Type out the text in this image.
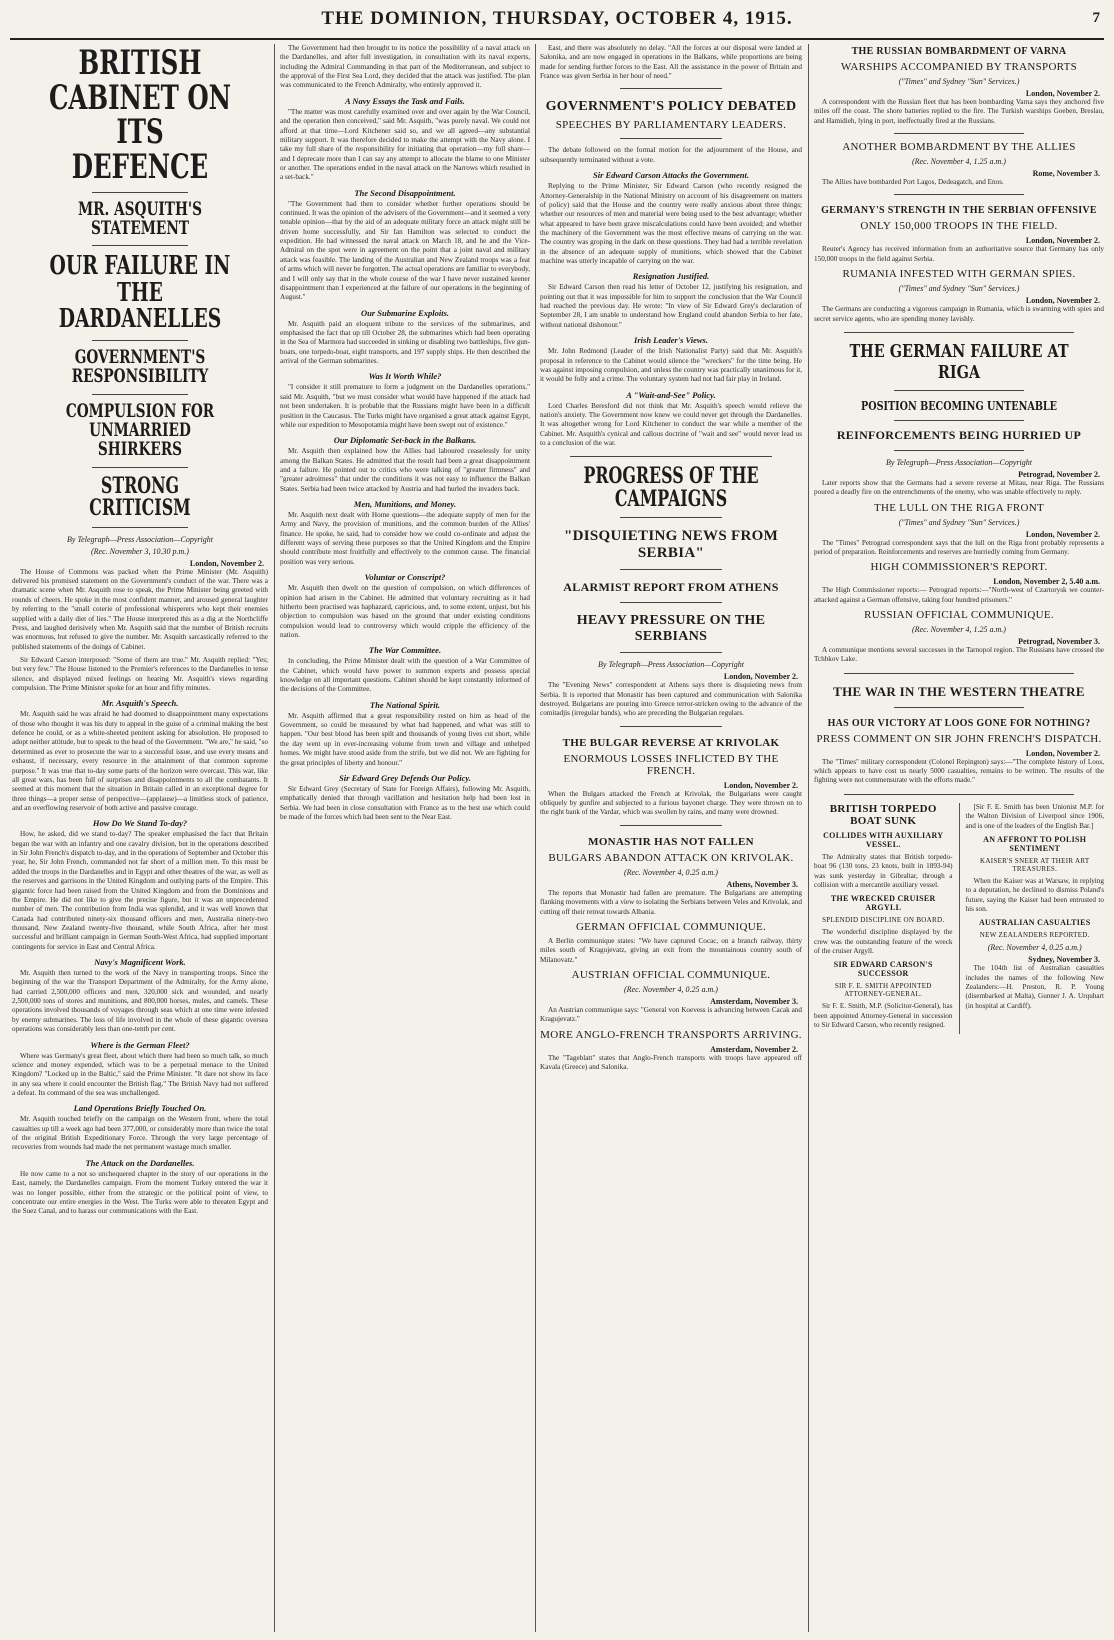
THE DOMINION, THURSDAY, OCTOBER 4, 1915.	7
BRITISH CABINET ON ITS DEFENCE
MR. ASQUITH'S STATEMENT
OUR FAILURE IN THE DARDANELLES
GOVERNMENT'S RESPONSIBILITY
COMPULSION FOR UNMARRIED SHIRKERS
STRONG CRITICISM
By Telegraph—Press Association—Copyright
(Rec. November 3, 10.30 p.m.)
London, November 2.

The House of Commons was packed when the Prime Minister (Mr. Asquith) delivered his promised statement on the Government's conduct of the war. There was a dramatic scene when Mr. Asquith rose to speak, the Prime Minister being greeted with rounds of cheers. He spoke in the most confident manner, and aroused general laughter by referring to the "small coterie of professional whisperers who kept their enemies supplied with a daily diet of lies." The House interpreted this as a dig at the Northcliffe Press, and laughed derisively when Mr. Asquith said that the number of British recruits was enormous, but refused to give the number. Mr. Asquith sarcastically referred to the published statements of the doings of Cabinet.

Sir Edward Carson interposed: "Some of them are true." Mr. Asquith replied: "Yes; but very few." The House listened to the Premier's references to the Dardanelles in tense silence, and displayed mixed feelings on hearing Mr. Asquith's views regarding compulsion. The Prime Minister spoke for an hour and fifty minutes.

Mr. Asquith's Speech.

Mr. Asquith said he was afraid he had doomed to disappointment many expectations of those who thought it was his duty to appeal in the guise of a criminal making the best defence he could, or as a white-sheeted penitent asking for absolution. He proposed to adopt neither attitude, but to speak to the head of the Government. "We are," he said, "so determined as ever to prosecute the war to a successful issue, and use every means and exhaust, if necessary, every resource in the attainment of that common supreme purpose." It was true that to-day some parts of the horizon were overcast. This war, like all great wars, has been full of surprises and disappointments to all the combatants. It seemed at this moment that the situation in Britain called in an exceptional degree for three things—a proper sense of perspective—(applause)—a limitless stock of patience, and an overflowing reservoir of both active and passive courage.

How Do We Stand To-day?

How, he asked, did we stand to-day? The speaker emphasised the fact that Britain began the war with an infantry and one cavalry division, but in the operations described in Sir John French's dispatch to-day, and in the operations of September and October this year, he, Sir John French, commanded not far short of a million men. To this must be added the troops in the Dardanelles and in Egypt and other theatres of the war, as well as the reserves and garrisons in the United Kingdom and outlying parts of the Empire. This gigantic force had been raised from the United Kingdom and from the Dominions and the Empire. He did not like to give the precise figure, but it was an unprecedented number of men. The contribution from India was splendid, and it was well known that Canada had contributed ninety-six thousand officers and men, Australia ninety-two thousand, New Zealand twenty-five thousand, while South Africa, after her most successful and brilliant campaign in German South-West Africa, had supplied important contingents for service in East and Central Africa.

Navy's Magnificent Work.

Mr. Asquith then turned to the work of the Navy in transporting troops. Since the beginning of the war the Transport Department of the Admiralty, for the Army alone, had carried 2,500,000 officers and men, 320,000 sick and wounded, and nearly 2,500,000 tons of stores and munitions, and 800,000 horses, mules, and camels. These operations involved thousands of voyages through seas which at one time were infested by enemy submarines. The loss of life involved in the whole of these gigantic oversea operations was considerably less than one-tenth per cent.

Where is the German Fleet?

Where was Germany's great fleet, about which there had been so much talk, so much science and money expended, which was to be a perpetual menace to the United Kingdom? "Locked up in the Baltic," said the Prime Minister. "It dare not show its face in any sea where it could encounter the British flag." The British Navy had not suffered a defeat. Its command of the sea was unchallenged.

Land Operations Briefly Touched On.

Mr. Asquith touched briefly on the campaign on the Western front, where the total casualties up till a week ago had been 377,000, or considerably more than twice the total of the original British Expeditionary Force. Through the very large percentage of recoveries from wounds had made the net permanent wastage much smaller.

The Attack on the Dardanelles.

He now came to a not so unchequered chapter in the story of our operations in the East, namely, the Dardanelles campaign. From the moment Turkey entered the war it was no longer possible, either from the strategic or the political point of view, to concentrate our entire energies in the West. The Turks were able to threaten Egypt and the Suez Canal, and to harass our communications with the East.

The Government had then brought to its notice the possibility of a naval attack on the Dardanelles, and after full investigation, in consultation with its naval experts, including the Admiral Commanding in that part of the Mediterranean, and subject to the approval of the First Sea Lord, they decided that the attack was justified. The plan was communicated to the French Admiralty, who entirely approved it.

A Navy Essays the Task and Fails.

"The matter was most carefully examined over and over again by the War Council, and the operation then conceived," said Mr. Asquith, "was purely naval. We could not afford at that time—Lord Kitchener said so, and we all agreed—any substantial military support. It was therefore decided to make the attempt with the Navy alone. I take my full share of the responsibility for initiating that operation—my full share—and I deprecate more than I can say any attempt to allocate the blame to one Minister or another. The operations ended in the naval attack on the Narrows which resulted in a set-back."

The Second Disappointment.

"The Government had then to consider whether further operations should be continued. It was the opinion of the advisers of the Government—and it seemed a very tenable opinion—that by the aid of an adequate military force an attack might still be driven home successfully, and Sir Ian Hamilton was selected to conduct the expedition. He had witnessed the naval attack on March 18, and he and the Vice-Admiral on the spot were in agreement on the point that a joint naval and military attack was feasible. The landing of the Australian and New Zealand troops was a feat of arms which will never be forgotten. The actual operations are familiar to everybody, and I will only say that in the whole course of the war I have never sustained keener disappointment than I experienced at the failure of our operations in the beginning of August."

Our Submarine Exploits.

Mr. Asquith paid an eloquent tribute to the services of the submarines, and emphasised the fact that up till October 28, the submarines which had been operating in the Sea of Marmora had succeeded in sinking or disabling two battleships, five gun-boats, one torpedo-boat, eight transports, and 197 supply ships. He then described the arrival of the German submarines.

Was It Worth While?

"I consider it still premature to form a judgment on the Dardanelles operations," said Mr. Asquith, "but we must consider what would have happened if the attack had not been undertaken. It is probable that the Russians might have been in a difficult position in the Caucasus. The Turks might have organised a great attack against Egypt, while our expedition to Mesopotamia might have been swept out of existence."

Our Diplomatic Set-back in the Balkans.

Mr. Asquith then explained how the Allies had laboured ceaselessly for unity among the Balkan States. He admitted that the result had been a great disappointment and a failure. He pointed out to critics who were talking of "greater firmness" and "greater adroitness" that under the conditions it was not easy to influence the Balkan States. Serbia had been twice attacked by Austria and had hurled the invaders back.

Men, Munitions, and Money.

Mr. Asquith next dealt with Home questions—the adequate supply of men for the Army and Navy, the provision of munitions, and the common burden of the Allies' finance. He spoke, he said, had to consider how we could co-ordinate and adjust the different ways of serving these purposes so that the United Kingdom and the Empire should contribute most fruitfully and effectively to the common cause. The financial position was very serious.

Voluntar or Conscript?

Mr. Asquith then dwelt on the question of compulsion, on which differences of opinion had arisen in the Cabinet. He admitted that voluntary recruiting as it had hitherto been practised was haphazard, capricious, and, to some extent, unjust, but his objection to compulsion was based on the ground that under existing conditions compulsion would lead to controversy which would cripple the efficiency of the nation.

The War Committee.

In concluding, the Prime Minister dealt with the question of a War Committee of the Cabinet, which would have power to summon experts and possess special knowledge on all important questions. Cabinet should be kept constantly informed of the decisions of the Committee.

The National Spirit.

Mr. Asquith affirmed that a great responsibility rested on him as head of the Government, so could be measured by what had happened, and what was still to happen. "Our best blood has been spilt and thousands of young lives cut short, while the day went up in ever-increasing volume from town and village and unhelped homes. We might have stood aside from the strife, but we did not. We are fighting for the great principles of liberty and honour."

Sir Edward Grey Defends Our Policy.

Sir Edward Grey (Secretary of State for Foreign Affairs), following Mr. Asquith, emphatically denied that through vacillation and hesitation help had been lost in Serbia. We had been in close consultation with France as to the best use which could be made of the forces which had been sent to the Near East.

East, and there was absolutely no delay. "All the forces at our disposal were landed at Salonika, and are now engaged in operations in the Balkans, while proportions are being made for sending further forces to the East. All the assistance in the power of Britain and France was given Serbia in her hour of need."

GOVERNMENT'S POLICY DEBATED
SPEECHES BY PARLIAMENTARY LEADERS.

The debate followed on the formal motion for the adjournment of the House, and subsequently terminated without a vote.

Sir Edward Carson Attacks the Government.

Replying to the Prime Minister, Sir Edward Carson (who recently resigned the Attorney-Generalship in the National Ministry on account of his disagreement on matters of policy) said that the House and the country were really anxious about three things; whether our resources of men and material were being used to the best advantage; whether what appeared to have been grave miscalculations could have been avoided; and whether the machinery of the Government was the most effective means of carrying on the war. The country was groping in the dark on these questions. They had had a terrible revelation in the absence of an adequate supply of munitions, which showed that the Cabinet machine was utterly incapable of carrying on the war.

Resignation Justified.

Sir Edward Carson then read his letter of October 12, justifying his resignation, and pointing out that it was impossible for him to support the conclusion that the War Council had reached the previous day. He wrote: "In view of Sir Edward Grey's declaration of September 28, I am unable to understand how England could abandon Serbia to her fate, without national dishonour."

Irish Leader's Views.

Mr. John Redmond (Leader of the Irish Nationalist Party) said that Mr. Asquith's proposal in reference to the Cabinet would silence the "wreckers" for the time being. He was against imposing compulsion, and unless the country was practically unanimous for it, it would be folly and a crime. The voluntary system had not had fair play in Ireland.

A "Wait-and-See" Policy.

Lord Charles Beresford did not think that Mr. Asquith's speech would relieve the nation's anxiety. The Government now knew we could never get through the Dardanelles. It was altogether wrong for Lord Kitchener to conduct the war while a member of the Cabinet. Mr. Asquith's cynical and callous doctrine of "wait and see" would never lead us to a conclusion of the war.

PROGRESS OF THE CAMPAIGNS
"DISQUIETING NEWS FROM SERBIA"
ALARMIST REPORT FROM ATHENS
HEAVY PRESSURE ON THE SERBIANS
By Telegraph—Press Association—Copyright
London, November 2.

The "Evening News" correspondent at Athens says there is disquieting news from Serbia. It is reported that Monastir has been captured and communication with Salonika destroyed. Bulgarians are pouring into Greece terror-stricken owing to the advance of the comitadjis (irregular bands), who are preceding the Bulgarian regulars.

THE BULGAR REVERSE AT KRIVOLAK
ENORMOUS LOSSES INFLICTED BY THE FRENCH.
London, November 2.

When the Bulgars attacked the French at Krivolak, the Bulgarians were caught obliquely by gunfire and subjected to a furious bayonet charge. They were thrown on to the right bank of the Vardar, which was swollen by rains, and many were drowned.

MONASTIR HAS NOT FALLEN
BULGARS ABANDON ATTACK ON KRIVOLAK.
(Rec. November 4, 0.25 a.m.)
Athens, November 3.

The reports that Monastir had fallen are premature. The Bulgarians are attempting flanking movements with a view to isolating the Serbians between Veles and Krivolak, and cutting off their retreat towards Albania.

GERMAN OFFICIAL COMMUNIQUE.

A Berlin communique states: "We have captured Cocac, on a branch railway, thirty miles south of Kragujevatz, giving an exit from the mountainous country south of Milanovatz."

AUSTRIAN OFFICIAL COMMUNIQUE.
(Rec. November 4, 0.25 a.m.)
Amsterdam, November 3.

An Austrian communique says: "General von Koevess is advancing between Cacak and Kragujevatz."

MORE ANGLO-FRENCH TRANSPORTS ARRIVING.
Amsterdam, November 2.

The "Tageblatt" states that Anglo-French transports with troops have appeared off Kavala (Greece) and Salonika.

THE RUSSIAN BOMBARDMENT OF VARNA
WARSHIPS ACCOMPANIED BY TRANSPORTS
("Times" and Sydney "Sun" Services.)
London, November 2.

A correspondent with the Russian fleet that has been bombarding Varna says they anchored five miles off the coast. The shore batteries replied to the fire. The Turkish warships Goeben, Breslau, and Hamidieh, lying in port, ineffectually fired at the Russians.

ANOTHER BOMBARDMENT BY THE ALLIES
(Rec. November 4, 1.25 a.m.)
Rome, November 3.

The Allies have bombarded Port Lagos, Dedeagatch, and Enos.

GERMANY'S STRENGTH IN THE SERBIAN OFFENSIVE
ONLY 150,000 TROOPS IN THE FIELD.
London, November 2.

Reuter's Agency has received information from an authoritative source that Germany has only 150,000 troops in the field against Serbia.

RUMANIA INFESTED WITH GERMAN SPIES.
("Times" and Sydney "Sun" Services.)
London, November 2.

The Germans are conducting a vigorous campaign in Rumania, which is swarming with spies and secret service agents, who are spending money lavishly.

THE GERMAN FAILURE AT RIGA
POSITION BECOMING UNTENABLE
REINFORCEMENTS BEING HURRIED UP
By Telegraph—Press Association—Copyright
Petrograd, November 2.

Later reports show that the Germans had a severe reverse at Mitau, near Riga. The Russians poured a deadly fire on the entrenchments of the enemy, who was unable effectively to reply.

THE LULL ON THE RIGA FRONT
("Times" and Sydney "Sun" Services.)
London, November 2.

The "Times" Petrograd correspondent says that the lull on the Riga front probably represents a period of preparation. Reinforcements and reserves are hurriedly coming from Germany.

HIGH COMMISSIONER'S REPORT.
London, November 2, 5.40 a.m.

The High Commissioner reports:— Petrograd reports:—"North-west of Czartorysk we counter-attacked against a German offensive, taking four hundred prisoners."

RUSSIAN OFFICIAL COMMUNIQUE.
(Rec. November 4, 1.25 a.m.)
Petrograd, November 3.

A communique mentions several successes in the Tarnopol region. The Russians have crossed the Tchbkov Lake.

THE WAR IN THE WESTERN THEATRE
HAS OUR VICTORY AT LOOS GONE FOR NOTHING?
PRESS COMMENT ON SIR JOHN FRENCH'S DISPATCH.
London, November 2.

The "Times" military correspondent (Colonel Repington) says:—"The complete history of Loos, which appears to have cost us nearly 5000 casualties, remains to be written. The results of the fighting were not commensurate with the efforts made."

BRITISH TORPEDO BOAT SUNK
COLLIDES WITH AUXILIARY VESSEL.

The Admiralty states that British torpedo-boat 96 (130 tons, 23 knots, built in 1893-94) was sunk yesterday in Gibraltar, through a collision with a mercantile auxiliary vessel.

THE WRECKED CRUISER ARGYLL
SPLENDID DISCIPLINE ON BOARD.

The wonderful discipline displayed by the crew was the outstanding feature of the wreck of the cruiser Argyll.

SIR EDWARD CARSON'S SUCCESSOR
SIR F. E. SMITH APPOINTED ATTORNEY-GENERAL.

Sir F. E. Smith, M.P. (Solicitor-General), has been appointed Attorney-General in succession to Sir Edward Carson, who recently resigned.

[Sir F. E. Smith has been Unionist M.P. for the Walton Division of Liverpool since 1906, and is one of the leaders of the English Bar.]

AN AFFRONT TO POLISH SENTIMENT
KAISER'S SNEER AT THEIR ART TREASURES.

When the Kaiser was at Warsaw, in replying to a deputation, he declined to dismiss Poland's future, saying the Kaiser had been entrusted to his son.

AUSTRALIAN CASUALTIES
NEW ZEALANDERS REPORTED.
(Rec. November 4, 0.25 a.m.)
Sydney, November 3.

The 104th list of Australian casualties includes the names of the following New Zealanders:—H. Preston, R. P. Young (disembarked at Malta), Gunner J. A. Urquhart (in hospital at Cardiff).
